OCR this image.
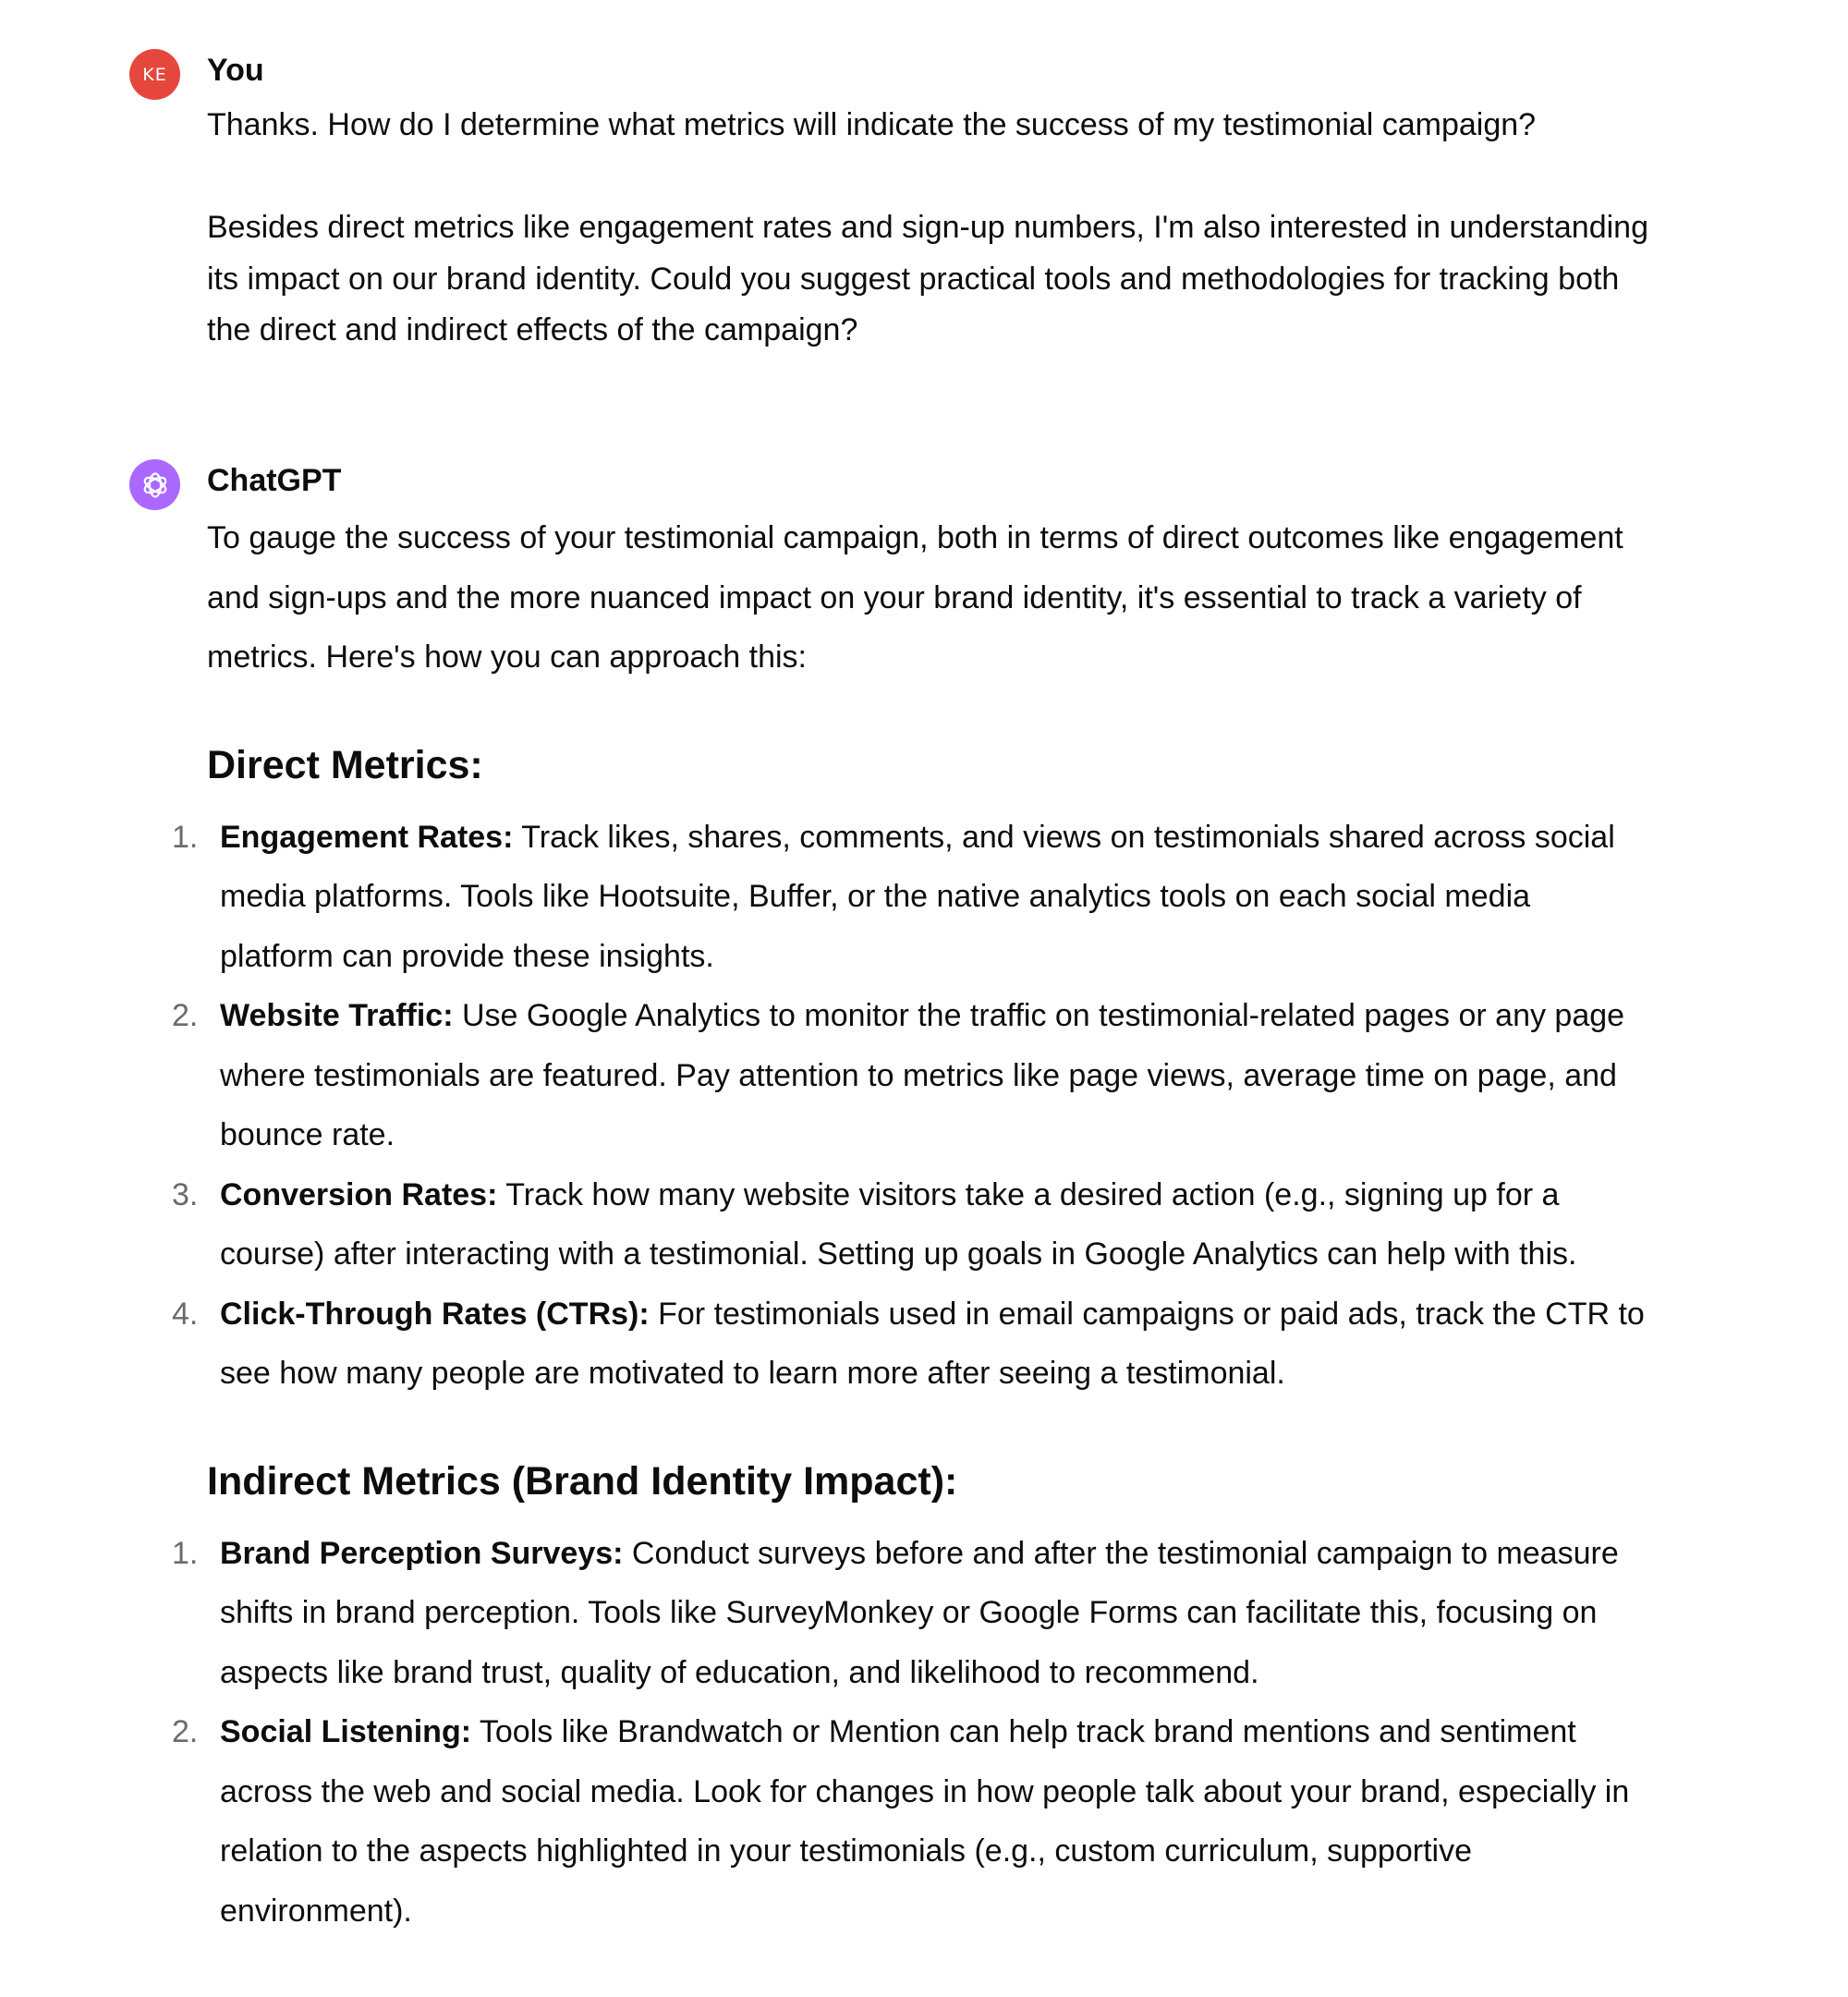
KE You

Thanks. How do I determine what metrics will indicate the success of my testimonial campaign?

Besides direct metrics like engagement rates and sign-up numbers, I'm also interested in understanding its impact on our brand identity. Could you suggest practical tools and methodologies for tracking both the direct and indirect effects of the campaign?

ChatGPT

To gauge the success of your testimonial campaign, both in terms of direct outcomes like engagement and sign-ups and the more nuanced impact on your brand identity, it's essential to track a variety of metrics. Here's how you can approach this:

Direct Metrics:
1. Engagement Rates: Track likes, shares, comments, and views on testimonials shared across social media platforms. Tools like Hootsuite, Buffer, or the native analytics tools on each social media platform can provide these insights.
2. Website Traffic: Use Google Analytics to monitor the traffic on testimonial-related pages or any page where testimonials are featured. Pay attention to metrics like page views, average time on page, and bounce rate.
3. Conversion Rates: Track how many website visitors take a desired action (e.g., signing up for a course) after interacting with a testimonial. Setting up goals in Google Analytics can help with this.
4. Click-Through Rates (CTRs): For testimonials used in email campaigns or paid ads, track the CTR to see how many people are motivated to learn more after seeing a testimonial.
Indirect Metrics (Brand Identity Impact):
1. Brand Perception Surveys: Conduct surveys before and after the testimonial campaign to measure shifts in brand perception. Tools like SurveyMonkey or Google Forms can facilitate this, focusing on aspects like brand trust, quality of education, and likelihood to recommend.
2. Social Listening: Tools like Brandwatch or Mention can help track brand mentions and sentiment across the web and social media. Look for changes in how people talk about your brand, especially in relation to the aspects highlighted in your testimonials (e.g., custom curriculum, supportive environment).
